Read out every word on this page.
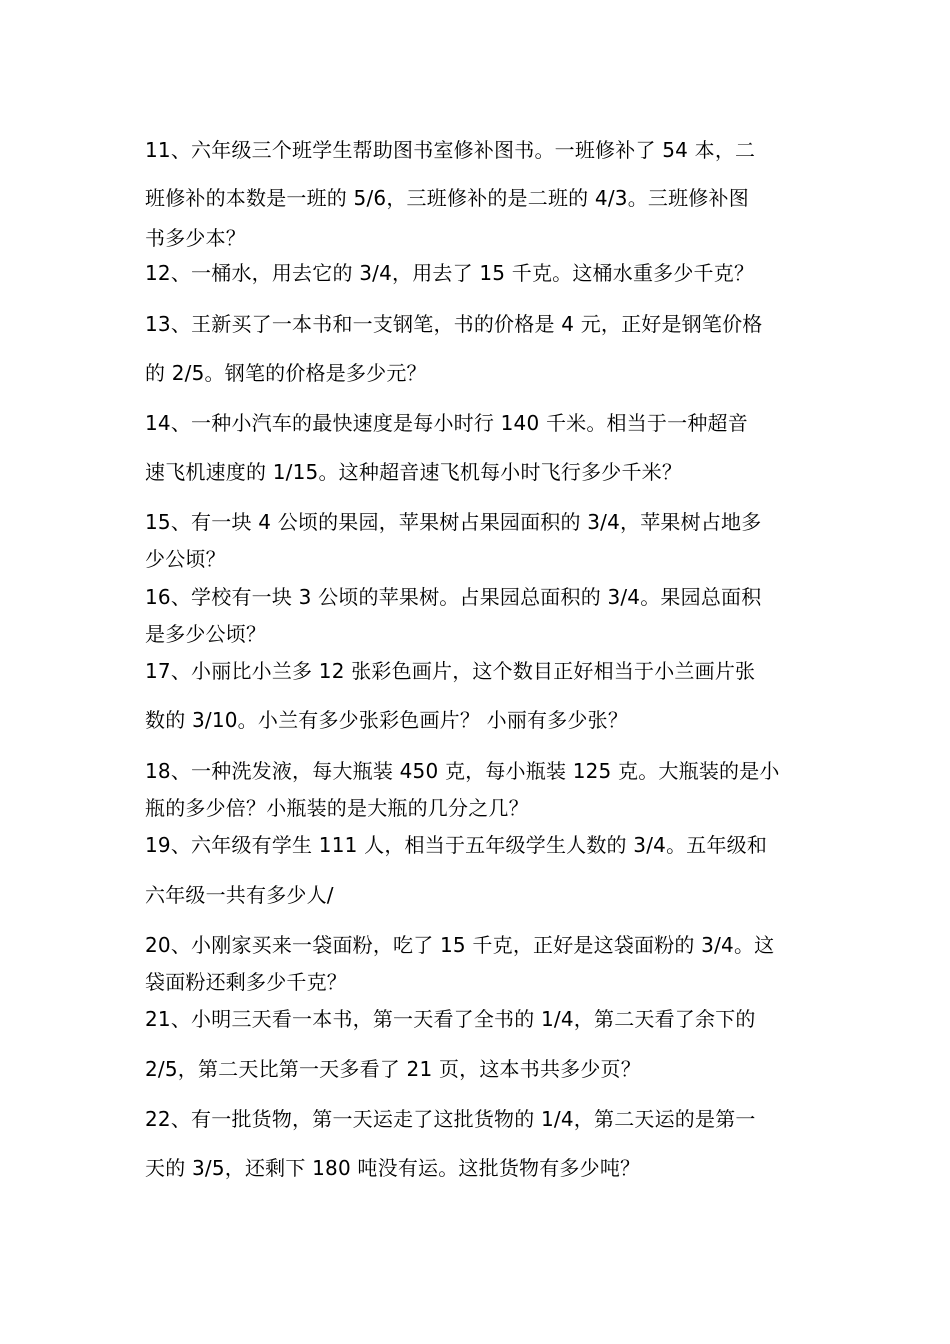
11、六年级三个班学生帮助图书室修补图书。一班修补了 54 本，二
班修补的本数是一班的 5/6，三班修补的是二班的 4/3。三班修补图
书多少本？
12、一桶水，用去它的 3/4，用去了 15 千克。这桶水重多少千克？
13、王新买了一本书和一支钢笔，书的价格是 4 元，正好是钢笔价格
的 2/5。钢笔的价格是多少元？
14、一种小汽车的最快速度是每小时行 140 千米。相当于一种超音
速飞机速度的 1/15。这种超音速飞机每小时飞行多少千米？
15、有一块 4 公顷的果园，苹果树占果园面积的 3/4，苹果树占地多
少公顷？
16、学校有一块 3 公顷的苹果树。占果园总面积的 3/4。果园总面积
是多少公顷？
17、小丽比小兰多 12 张彩色画片，这个数目正好相当于小兰画片张
数的 3/10。小兰有多少张彩色画片？ 小丽有多少张？
18、一种洗发液，每大瓶装 450 克，每小瓶装 125 克。大瓶装的是小
瓶的多少倍？小瓶装的是大瓶的几分之几？
19、六年级有学生 111 人，相当于五年级学生人数的 3/4。五年级和
六年级一共有多少人/
20、小刚家买来一袋面粉，吃了 15 千克，正好是这袋面粉的 3/4。这
袋面粉还剩多少千克？
21、小明三天看一本书，第一天看了全书的 1/4，第二天看了余下的
2/5，第二天比第一天多看了 21 页，这本书共多少页？
22、有一批货物，第一天运走了这批货物的 1/4，第二天运的是第一
天的 3/5，还剩下 180 吨没有运。这批货物有多少吨？
